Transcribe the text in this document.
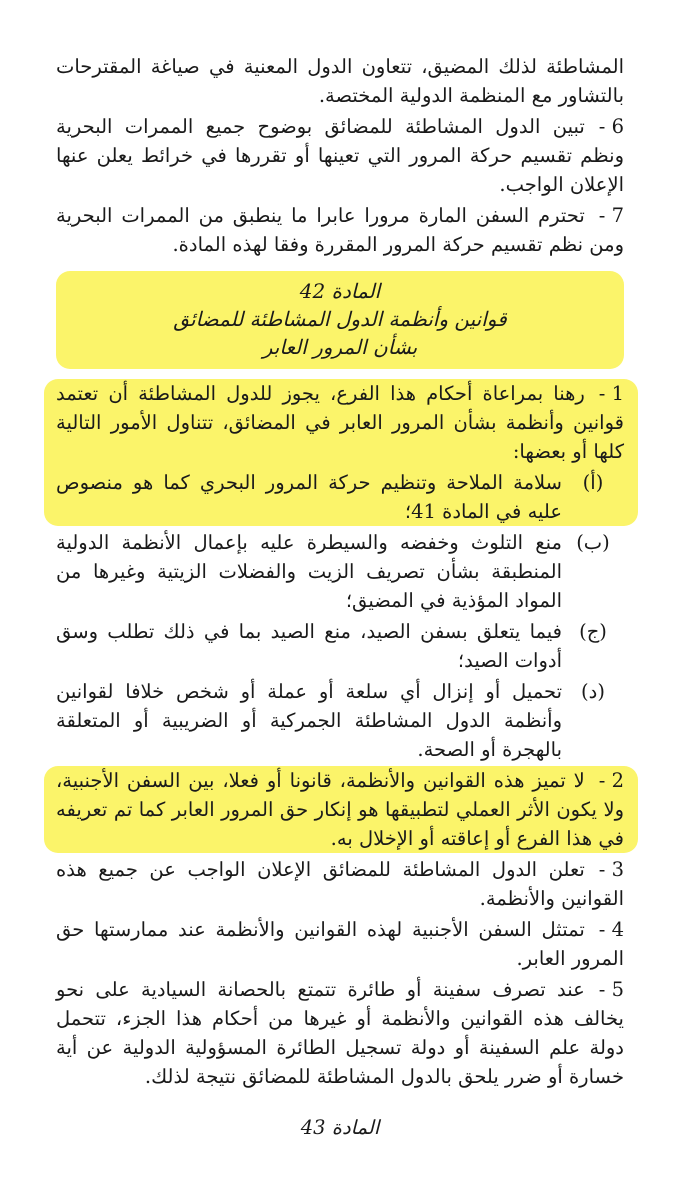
المشاطئة لذلك المضيق، تتعاون الدول المعنية في صياغة المقترحات بالتشاور مع المنظمة الدولية المختصة.

6 -تبين الدول المشاطئة للمضائق بوضوح جميع الممرات البحرية ونظم تقسيم حركة المرور التي تعينها أو تقررها في خرائط يعلن عنها الإعلان الواجب.

7 -تحترم السفن المارة مرورا عابرا ما ينطبق من الممرات البحرية ومن نظم تقسيم حركة المرور المقررة وفقا لهذه المادة.

المادة 42
قوانين وأنظمة الدول المشاطئة للمضائق
بشأن المرور العابر

1 -رهنا بمراعاة أحكام هذا الفرع، يجوز للدول المشاطئة أن تعتمد قوانين وأنظمة بشأن المرور العابر في المضائق، تتناول الأمور التالية كلها أو بعضها:

(أ)
سلامة الملاحة وتنظيم حركة المرور البحري كما هو منصوص عليه في المادة 41؛
(ب)
منع التلوث وخفضه والسيطرة عليه بإعمال الأنظمة الدولية المنطبقة بشأن تصريف الزيت والفضلات الزيتية وغيرها من المواد المؤذية في المضيق؛
(ج)
فيما يتعلق بسفن الصيد، منع الصيد بما في ذلك تطلب وسق أدوات الصيد؛
(د)
تحميل أو إنزال أي سلعة أو عملة أو شخص خلافا لقوانين وأنظمة الدول المشاطئة الجمركية أو الضريبية أو المتعلقة بالهجرة أو الصحة.

2 -لا تميز هذه القوانين والأنظمة، قانونا أو فعلا، بين السفن الأجنبية، ولا يكون الأثر العملي لتطبيقها هو إنكار حق المرور العابر كما تم تعريفه في هذا الفرع أو إعاقته أو الإخلال به.

3 -تعلن الدول المشاطئة للمضائق الإعلان الواجب عن جميع هذه القوانين والأنظمة.

4 -تمتثل السفن الأجنبية لهذه القوانين والأنظمة عند ممارستها حق المرور العابر.

5 -عند تصرف سفينة أو طائرة تتمتع بالحصانة السيادية على نحو يخالف هذه القوانين والأنظمة أو غيرها من أحكام هذا الجزء، تتحمل دولة علم السفينة أو دولة تسجيل الطائرة المسؤولية الدولية عن أية خسارة أو ضرر يلحق بالدول المشاطئة للمضائق نتيجة لذلك.

المادة 43
